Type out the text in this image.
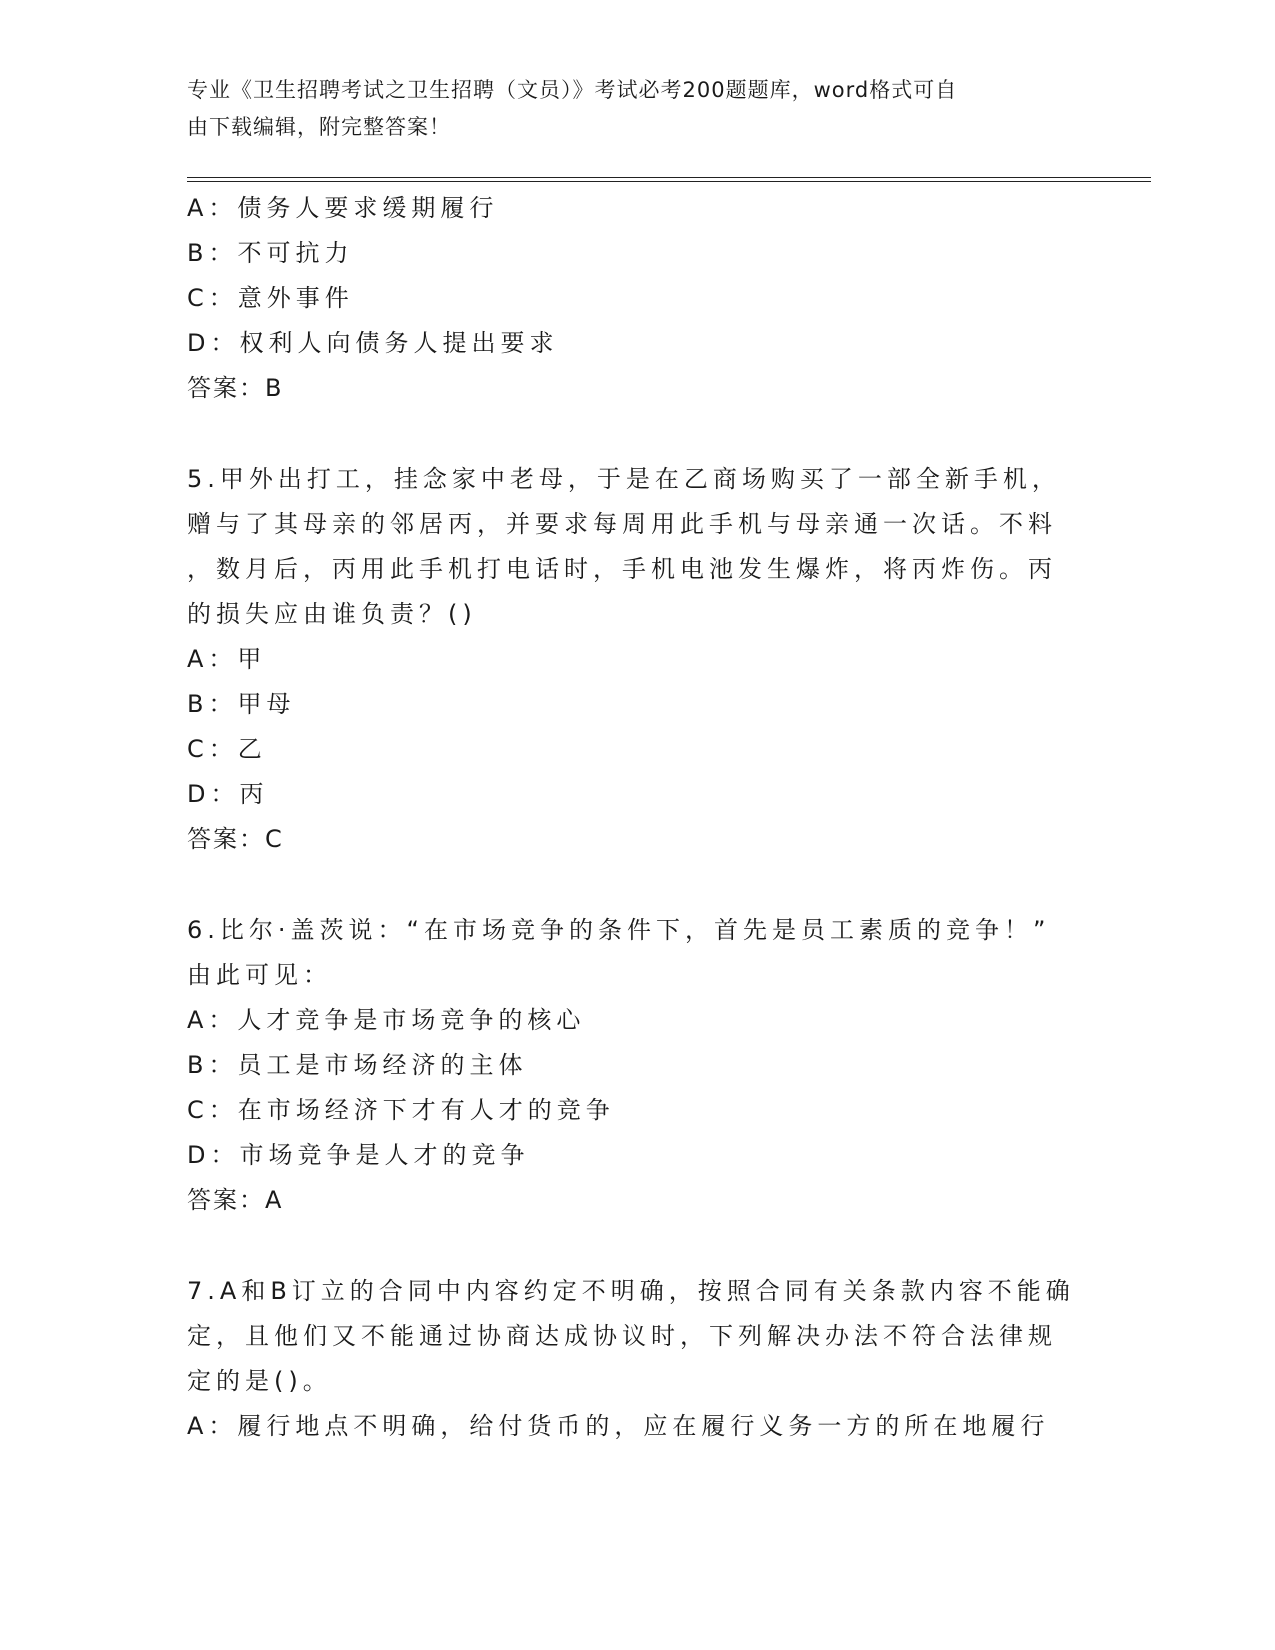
专业《卫生招聘考试之卫生招聘（文员）》考试必考200题题库，word格式可自
由下载编辑，附完整答案！
A：债务人要求缓期履行
B：不可抗力
C：意外事件
D：权利人向债务人提出要求
答案：B
5.甲外出打工，挂念家中老母，于是在乙商场购买了一部全新手机，
赠与了其母亲的邻居丙，并要求每周用此手机与母亲通一次话。不料
，数月后，丙用此手机打电话时，手机电池发生爆炸，将丙炸伤。丙
的损失应由谁负责？()
A：甲
B：甲母
C：乙
D：丙
答案：C
6.比尔·盖茨说：“在市场竞争的条件下，首先是员工素质的竞争！”
由此可见：
A：人才竞争是市场竞争的核心
B：员工是市场经济的主体
C：在市场经济下才有人才的竞争
D：市场竞争是人才的竞争
答案：A
7.A和B订立的合同中内容约定不明确，按照合同有关条款内容不能确
定，且他们又不能通过协商达成协议时，下列解决办法不符合法律规
定的是()。
A：履行地点不明确，给付货币的，应在履行义务一方的所在地履行
